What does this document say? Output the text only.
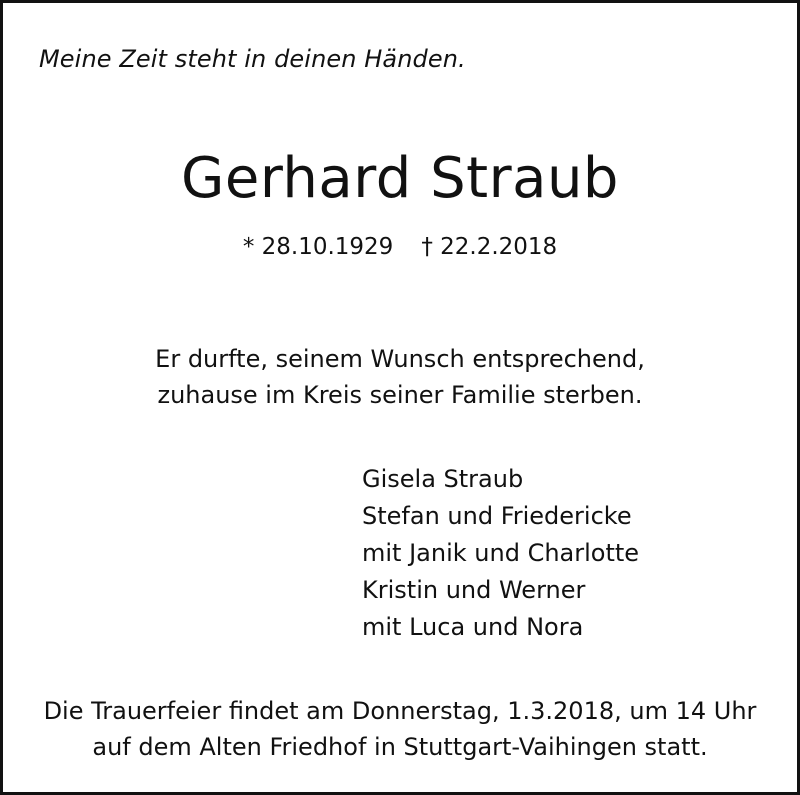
Meine Zeit steht in deinen Händen.
Gerhard Straub
* 28.10.1929 † 22.2.2018
Er durfte, seinem Wunsch entsprechend,
zuhause im Kreis seiner Familie sterben.
Gisela Straub
Stefan und Friedericke
mit Janik und Charlotte
Kristin und Werner
mit Luca und Nora
Die Trauerfeier findet am Donnerstag, 1.3.2018, um 14 Uhr
auf dem Alten Friedhof in Stuttgart-Vaihingen statt.
